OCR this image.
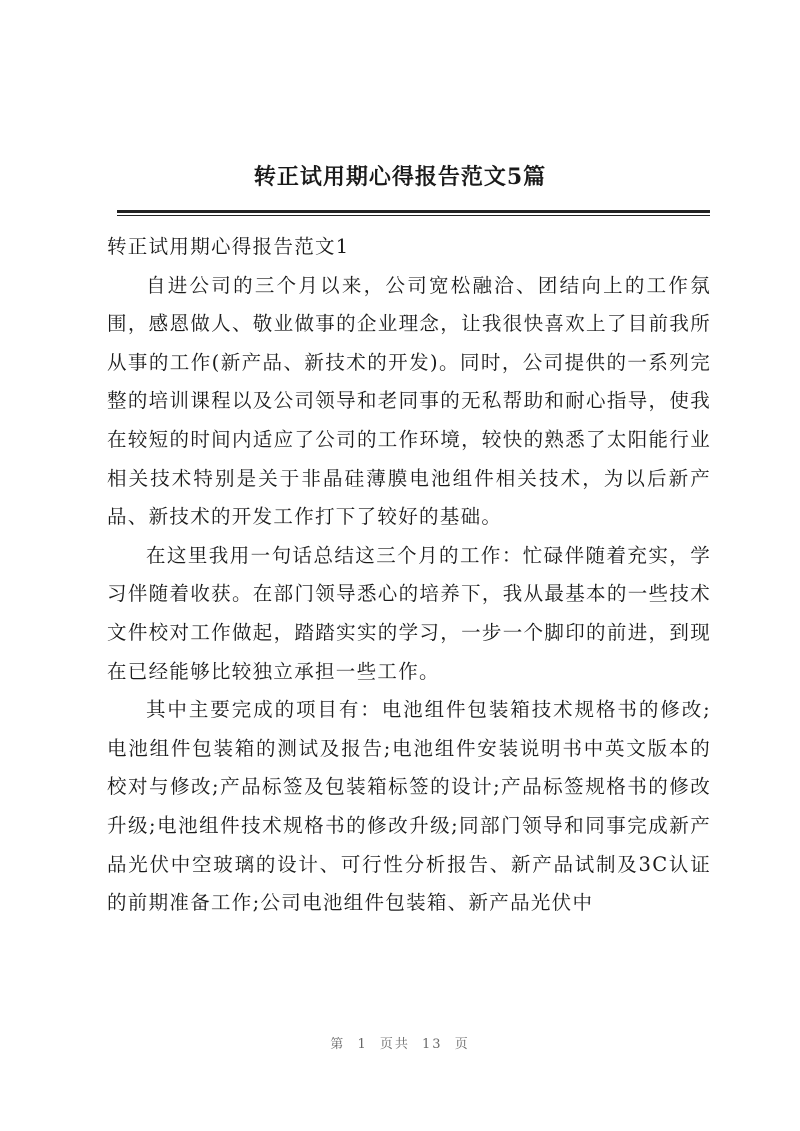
转正试用期心得报告范文5篇

转正试用期心得报告范文1

自进公司的三个月以来，公司宽松融洽、团结向上的工作氛围，感恩做人、敬业做事的企业理念，让我很快喜欢上了目前我所从事的工作(新产品、新技术的开发)。同时，公司提供的一系列完整的培训课程以及公司领导和老同事的无私帮助和耐心指导，使我在较短的时间内适应了公司的工作环境，较快的熟悉了太阳能行业相关技术特别是关于非晶硅薄膜电池组件相关技术，为以后新产品、新技术的开发工作打下了较好的基础。

在这里我用一句话总结这三个月的工作：忙碌伴随着充实，学习伴随着收获。在部门领导悉心的培养下，我从最基本的一些技术文件校对工作做起，踏踏实实的学习，一步一个脚印的前进，到现在已经能够比较独立承担一些工作。

其中主要完成的项目有：电池组件包装箱技术规格书的修改;电池组件包装箱的测试及报告;电池组件安装说明书中英文版本的校对与修改;产品标签及包装箱标签的设计;产品标签规格书的修改升级;电池组件技术规格书的修改升级;同部门领导和同事完成新产品光伏中空玻璃的设计、可行性分析报告、新产品试制及3C认证的前期准备工作;公司电池组件包装箱、新产品光伏中

第 1 页共 13 页
